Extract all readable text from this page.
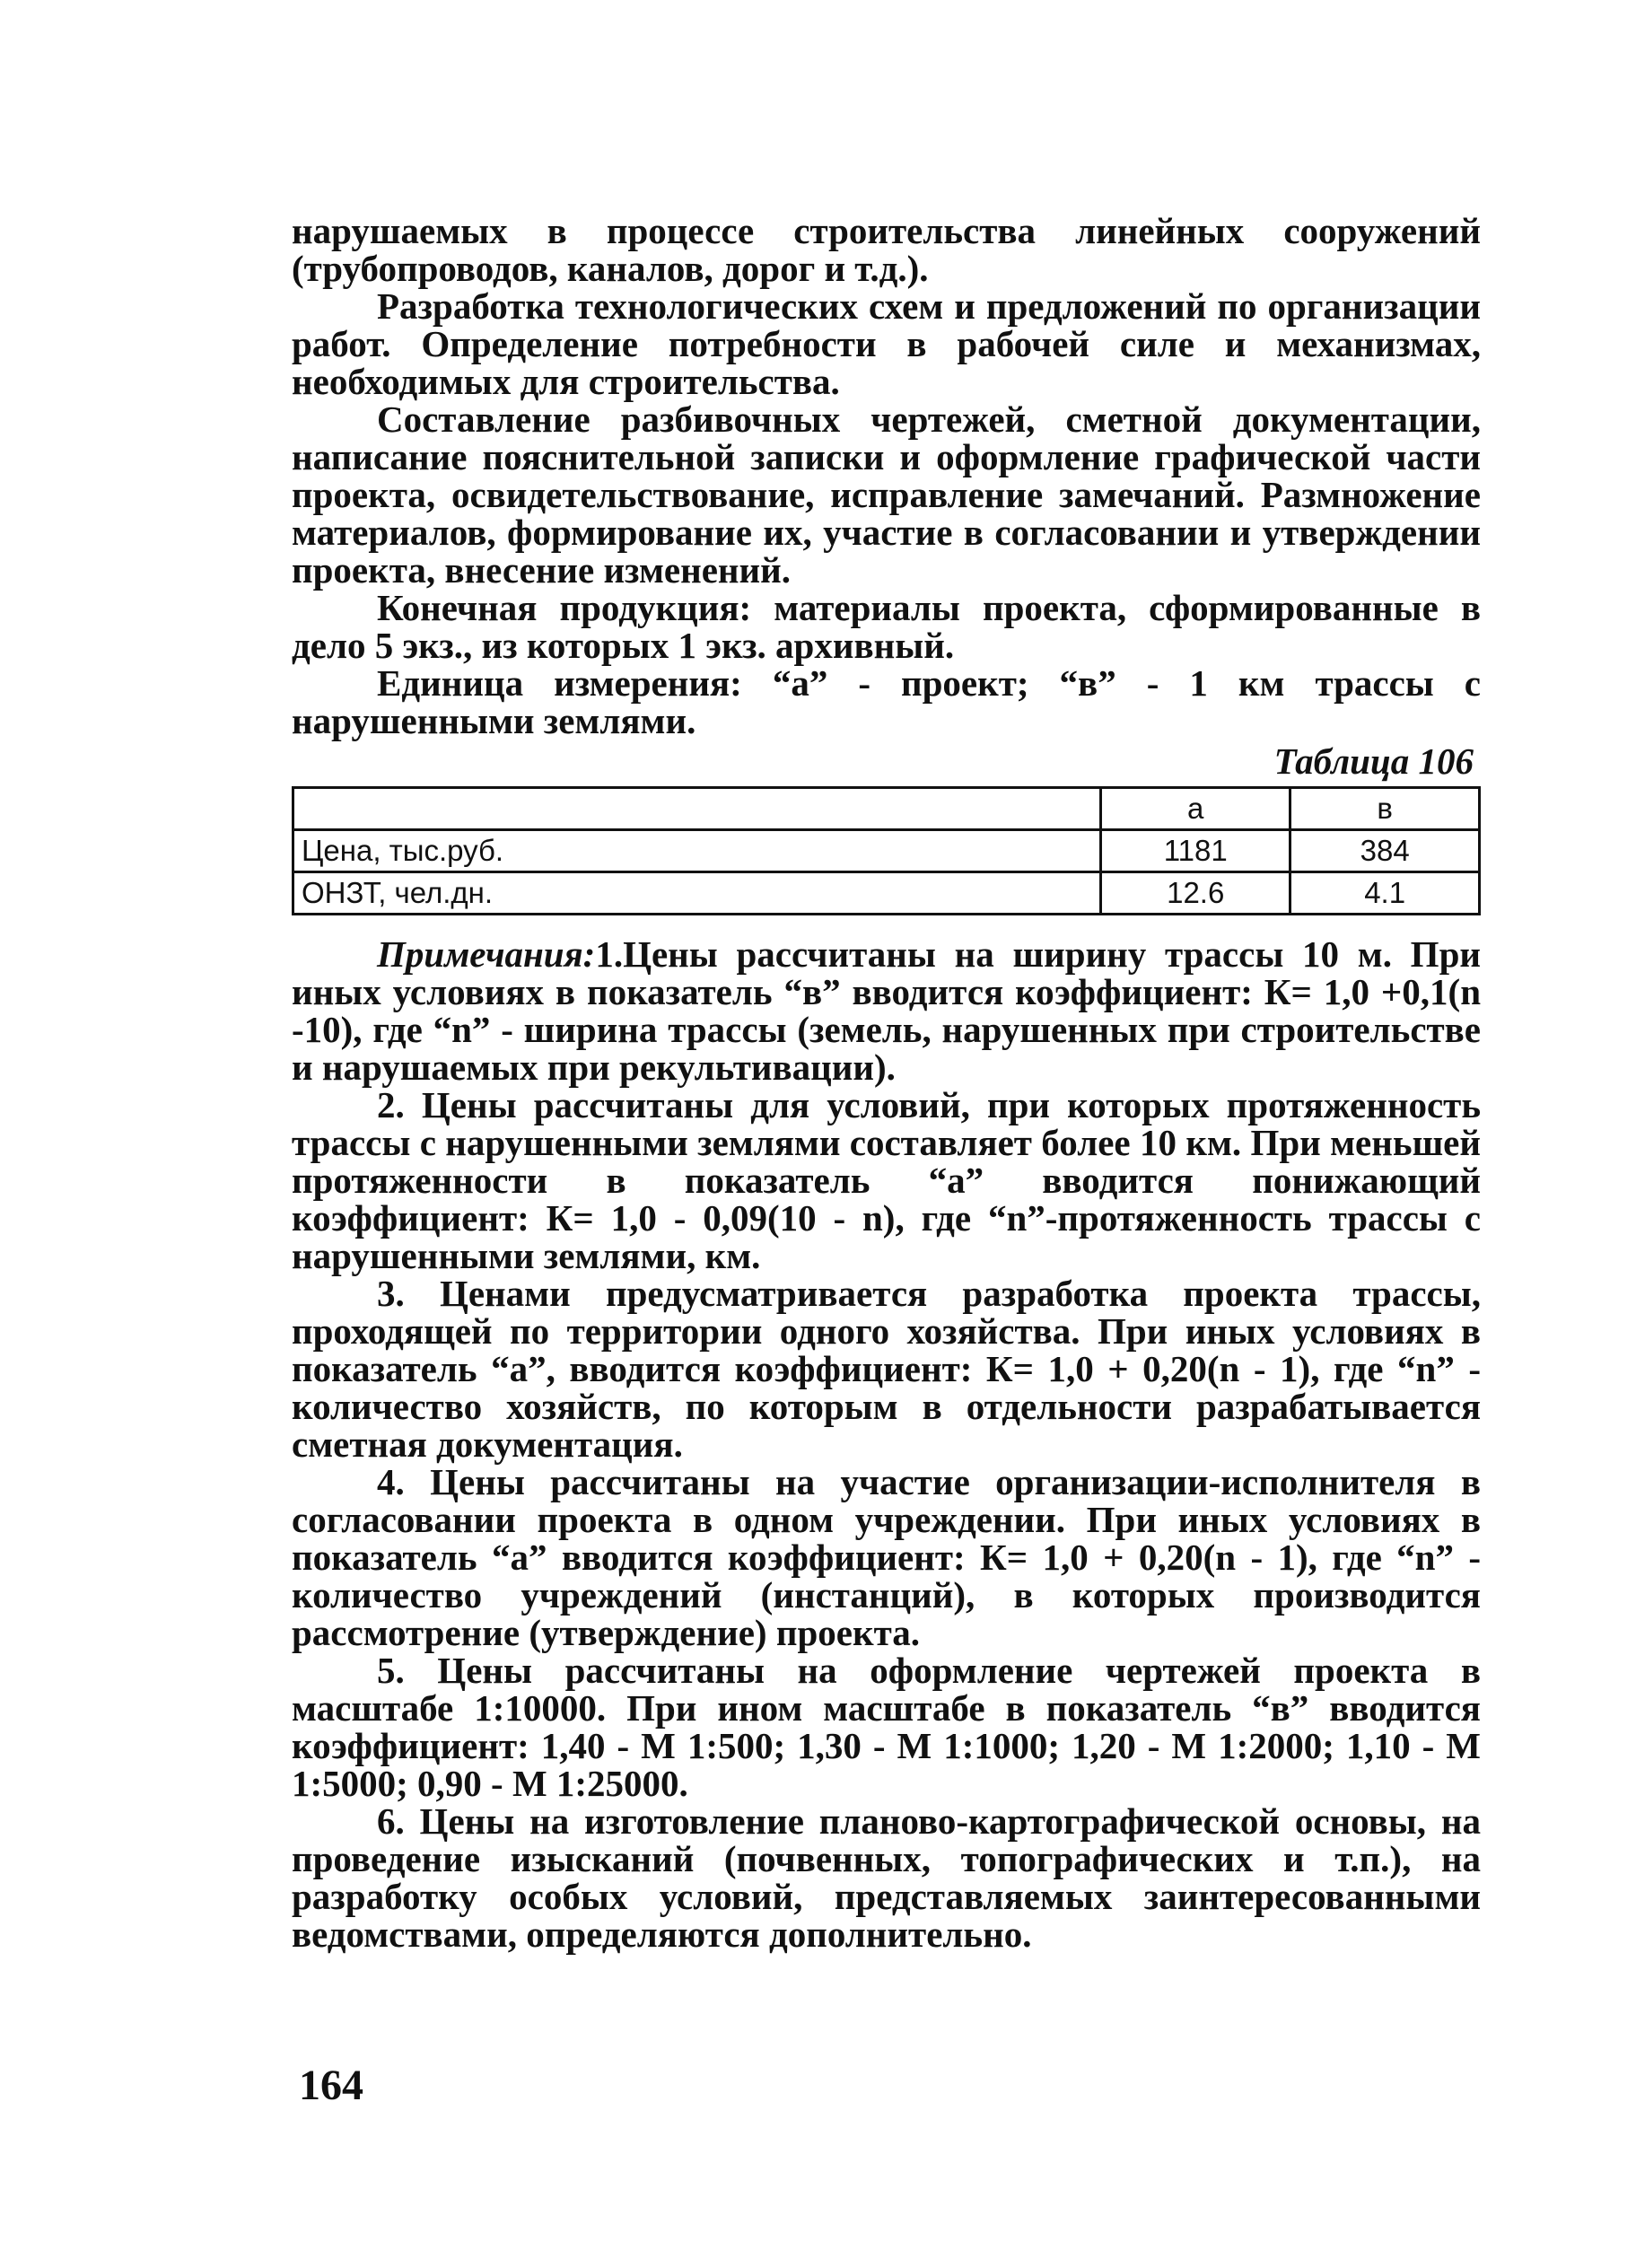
нарушаемых в процессе строительства линейных сооружений (трубопроводов, каналов, дорог и т.д.).

Разработка технологических схем и предложений по организации работ. Определение потребности в рабочей силе и механизмах, необходимых для строительства.

Составление разбивочных чертежей, сметной документации, написание пояснительной записки и оформление графической части проекта, освидетельствование, исправление замечаний. Размножение материалов, формирование их, участие в согласовании и утверждении проекта, внесение изменений.

Конечная продукция: материалы проекта, сформированные в дело 5 экз., из которых 1 экз. архивный.

Единица измерения: “а” - проект; “в” - 1 км трассы с нарушенными землями.

Таблица 106
	а	в
Цена, тыс.руб.	1181	384
ОНЗТ, чел.дн.	12.6	4.1

Примечания:1.Цены рассчитаны на ширину трассы 10 м. При иных условиях в показатель “в” вводится коэффициент: К= 1,0 +0,1(n -10), где “n” - ширина трассы (земель, нарушенных при строительстве и нарушаемых при рекультивации).

2. Цены рассчитаны для условий, при которых протяженность трассы с нарушенными землями составляет более 10 км. При меньшей протяженности в показатель “а” вводится понижающий коэффициент: К= 1,0 - 0,09(10 - n), где “n”-протяженность трассы с нарушенными землями, км.

3. Ценами предусматривается разработка проекта трассы, проходящей по территории одного хозяйства. При иных условиях в показатель “а”, вводится коэффициент: К= 1,0 + 0,20(n - 1), где “n” - количество хозяйств, по которым в отдельности разрабатывается сметная документация.

4. Цены рассчитаны на участие организации-исполнителя в согласовании проекта в одном учреждении. При иных условиях в показатель “а” вводится коэффициент: К= 1,0 + 0,20(n - 1), где “n” - количество учреждений (инстанций), в которых производится рассмотрение (утверждение) проекта.

5. Цены рассчитаны на оформление чертежей проекта в масштабе 1:10000. При ином масштабе в показатель “в” вводится коэффициент: 1,40 - М 1:500; 1,30 - М 1:1000; 1,20 - М 1:2000; 1,10 - М 1:5000; 0,90 - М 1:25000.

6. Цены на изготовление планово-картографической основы, на проведение изысканий (почвенных, топографических и т.п.), на разработку особых условий, представляемых заинтересованными ведомствами, определяются дополнительно.

164
